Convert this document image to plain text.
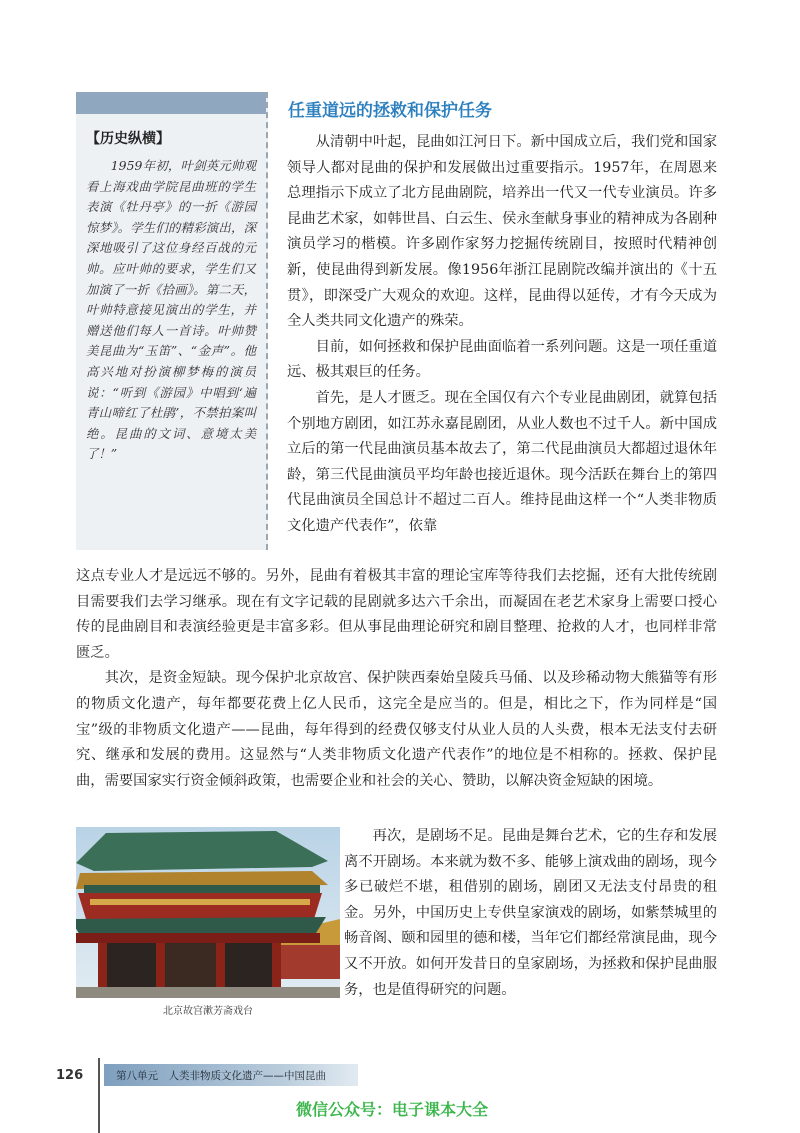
【历史纵横】

1959年初，叶剑英元帅观看上海戏曲学院昆曲班的学生表演《牡丹亭》的一折《游园惊梦》。学生们的精彩演出，深深地吸引了这位身经百战的元帅。应叶帅的要求，学生们又加演了一折《拾画》。第二天，叶帅特意接见演出的学生，并赠送他们每人一首诗。叶帅赞美昆曲为“玉笛”、“金声”。他高兴地对扮演柳梦梅的演员说：“听到《游园》中唱到‘遍青山啼红了杜鹃’，不禁拍案叫绝。昆曲的文词、意境太美了！”

任重道远的拯救和保护任务

从清朝中叶起，昆曲如江河日下。新中国成立后，我们党和国家领导人都对昆曲的保护和发展做出过重要指示。1957年，在周恩来总理指示下成立了北方昆曲剧院，培养出一代又一代专业演员。许多昆曲艺术家，如韩世昌、白云生、侯永奎献身事业的精神成为各剧种演员学习的楷模。许多剧作家努力挖掘传统剧目，按照时代精神创新，使昆曲得到新发展。像1956年浙江昆剧院改编并演出的《十五贯》，即深受广大观众的欢迎。这样，昆曲得以延传，才有今天成为全人类共同文化遗产的殊荣。

目前，如何拯救和保护昆曲面临着一系列问题。这是一项任重道远、极其艰巨的任务。

首先，是人才匮乏。现在全国仅有六个专业昆曲剧团，就算包括个别地方剧团，如江苏永嘉昆剧团，从业人数也不过千人。新中国成立后的第一代昆曲演员基本故去了，第二代昆曲演员大都超过退休年龄，第三代昆曲演员平均年龄也接近退休。现今活跃在舞台上的第四代昆曲演员全国总计不超过二百人。维持昆曲这样一个“人类非物质文化遗产代表作”，依靠

这点专业人才是远远不够的。另外，昆曲有着极其丰富的理论宝库等待我们去挖掘，还有大批传统剧目需要我们去学习继承。现在有文字记载的昆剧就多达六千余出，而凝固在老艺术家身上需要口授心传的昆曲剧目和表演经验更是丰富多彩。但从事昆曲理论研究和剧目整理、抢救的人才，也同样非常匮乏。

其次，是资金短缺。现今保护北京故宫、保护陕西秦始皇陵兵马俑、以及珍稀动物大熊猫等有形的物质文化遗产，每年都要花费上亿人民币，这完全是应当的。但是，相比之下，作为同样是“国宝”级的非物质文化遗产——昆曲，每年得到的经费仅够支付从业人员的人头费，根本无法支付去研究、继承和发展的费用。这显然与“人类非物质文化遗产代表作”的地位是不相称的。拯救、保护昆曲，需要国家实行资金倾斜政策，也需要企业和社会的关心、赞助，以解决资金短缺的困境。

北京故宫漱芳斋戏台

再次，是剧场不足。昆曲是舞台艺术，它的生存和发展离不开剧场。本来就为数不多、能够上演戏曲的剧场，现今多已破烂不堪，租借别的剧场，剧团又无法支付昂贵的租金。另外，中国历史上专供皇家演戏的剧场，如紫禁城里的畅音阁、颐和园里的德和楼，当年它们都经常演昆曲，现今又不开放。如何开发昔日的皇家剧场，为拯救和保护昆曲服务，也是值得研究的问题。

126	第八单元　人类非物质文化遗产——中国昆曲
微信公众号：电子课本大全
